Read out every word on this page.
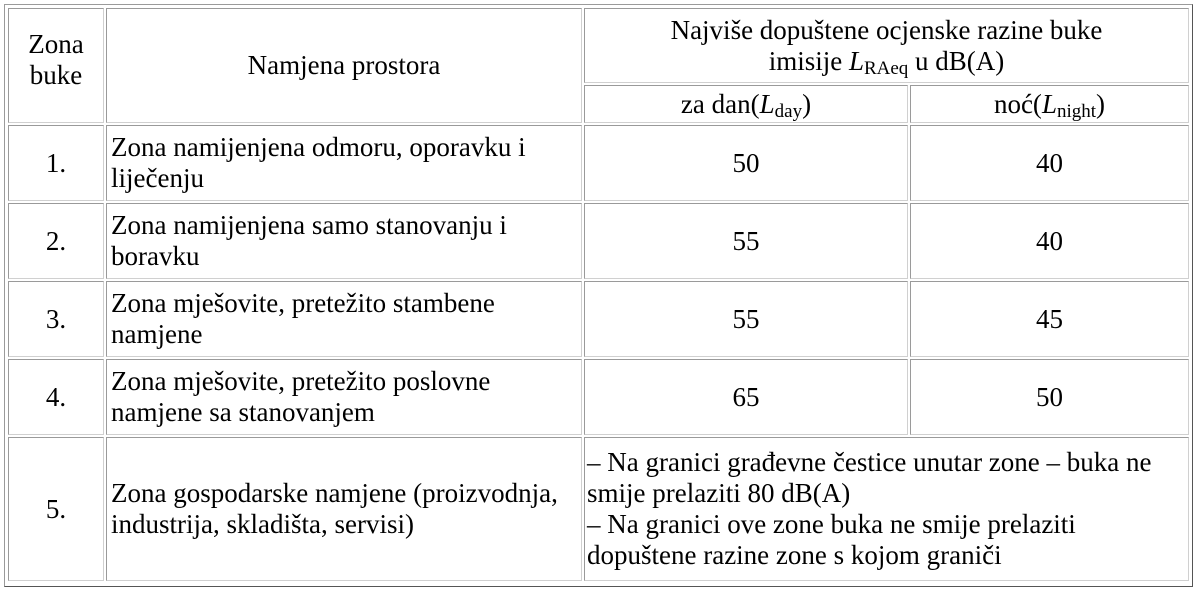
Zona buke	Namjena prostora	Najviše dopuštene ocjenske razine buke
imisije $L_{RAeq}$ u dB(A)	

		za $dan(L_{day})$	$noć(L_{night})$
1.	Zona namijenjena odmoru, oporavku i liječenju	50	40
2.	Zona namijenjena samo stanovanju i boravku	55	40
3.	Zona mješovite, pretežito stambene namjene	55	45
4.	Zona mješovite, pretežito poslovne namjene sa stanovanjem	65	50
5.	Zona gospodarske namjene (proizvodnja, industrija, skladišta, servisi)	– Na granici građevne čestice unutar zone – buka ne smije prelaziti 80 dB(A)
– Na granici ove zone buka ne smije prelaziti dopuštene razine zone s kojom graniči	
